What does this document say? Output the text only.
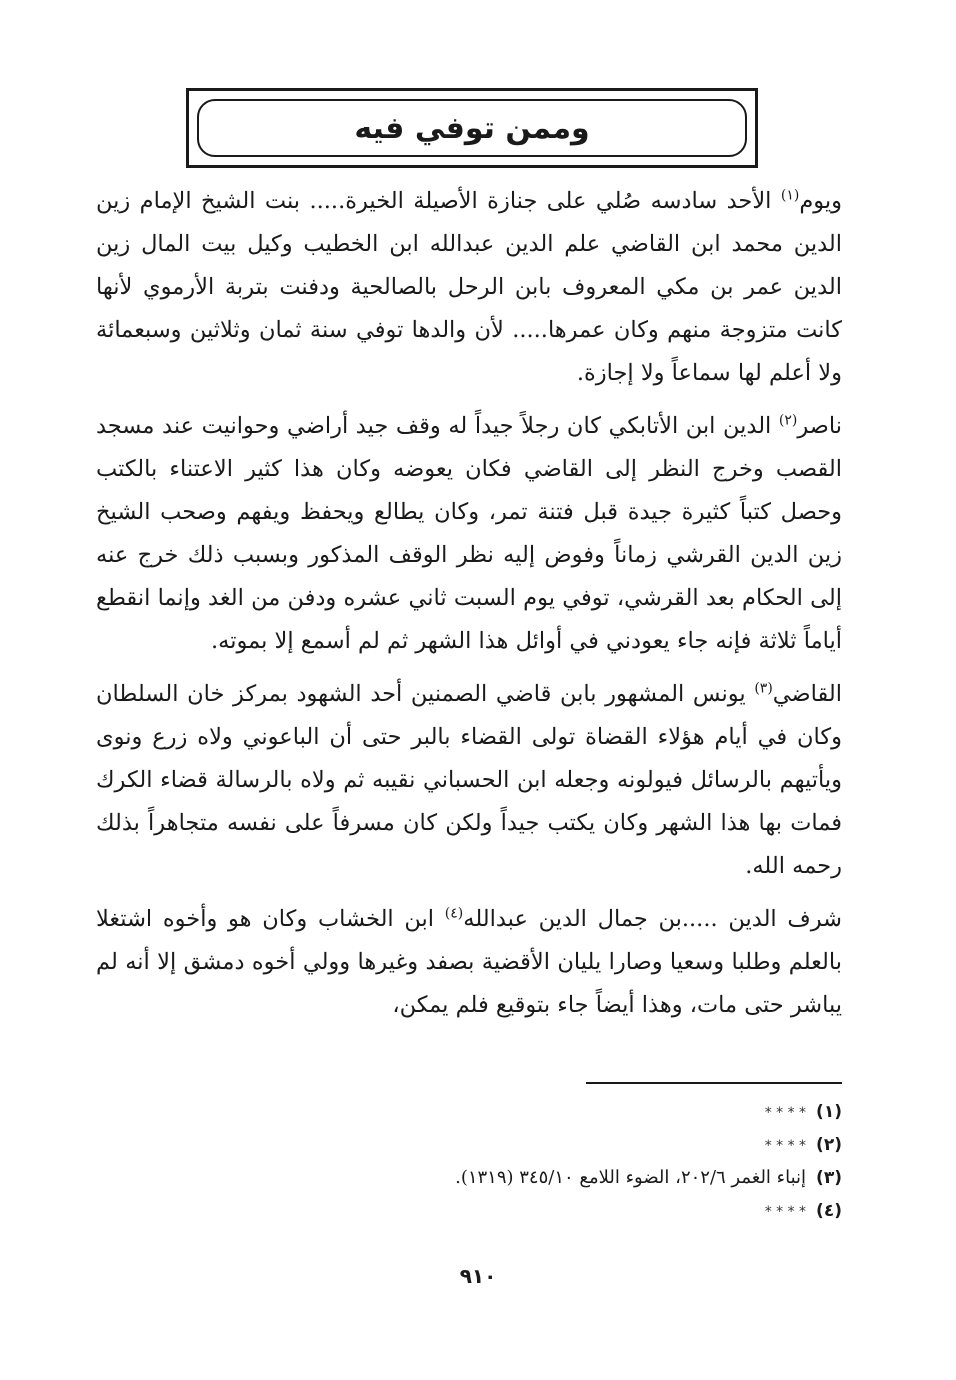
وممن توفي فيه

ويوم$^{(١)}$ الأحد سادسه صُلي على جنازة الأصيلة الخيرة..... بنت الشيخ الإمام زين الدين محمد ابن القاضي علم الدين عبدالله ابن الخطيب وكيل بيت المال زين الدين عمر بن مكي المعروف بابن الرحل بالصالحية ودفنت بتربة الأرموي لأنها كانت متزوجة منهم وكان عمرها..... لأن والدها توفي سنة ثمان وثلاثين وسبعمائة ولا أعلم لها سماعاً ولا إجازة.

ناصر$^{(٢)}$ الدين ابن الأتابكي كان رجلاً جيداً له وقف جيد أراضي وحوانيت عند مسجد القصب وخرج النظر إلى القاضي فكان يعوضه وكان هذا كثير الاعتناء بالكتب وحصل كتباً كثيرة جيدة قبل فتنة تمر، وكان يطالع ويحفظ ويفهم وصحب الشيخ زين الدين القرشي زماناً وفوض إليه نظر الوقف المذكور وبسبب ذلك خرج عنه إلى الحكام بعد القرشي، توفي يوم السبت ثاني عشره ودفن من الغد وإنما انقطع أياماً ثلاثة فإنه جاء يعودني في أوائل هذا الشهر ثم لم أسمع إلا بموته.

القاضي$^{(٣)}$ يونس المشهور بابن قاضي الصمنين أحد الشهود بمركز خان السلطان وكان في أيام هؤلاء القضاة تولى القضاء بالبر حتى أن الباعوني ولاه زرع ونوى ويأتيهم بالرسائل فيولونه وجعله ابن الحسباني نقيبه ثم ولاه بالرسالة قضاء الكرك فمات بها هذا الشهر وكان يكتب جيداً ولكن كان مسرفاً على نفسه متجاهراً بذلك رحمه الله.

شرف الدين .....بن جمال الدين عبدالله$^{(٤)}$ ابن الخشاب وكان هو وأخوه اشتغلا بالعلم وطلبا وسعيا وصارا يليان الأقضية بصفد وغيرها وولي أخوه دمشق إلا أنه لم يباشر حتى مات، وهذا أيضاً جاء بتوقيع فلم يمكن،

(١)* * * *
(٢)* * * *
(٣)إنباء الغمر ٢٠٢/٦، الضوء اللامع ٣٤٥/١٠ (١٣١٩).
(٤)* * * *
٩١٠
